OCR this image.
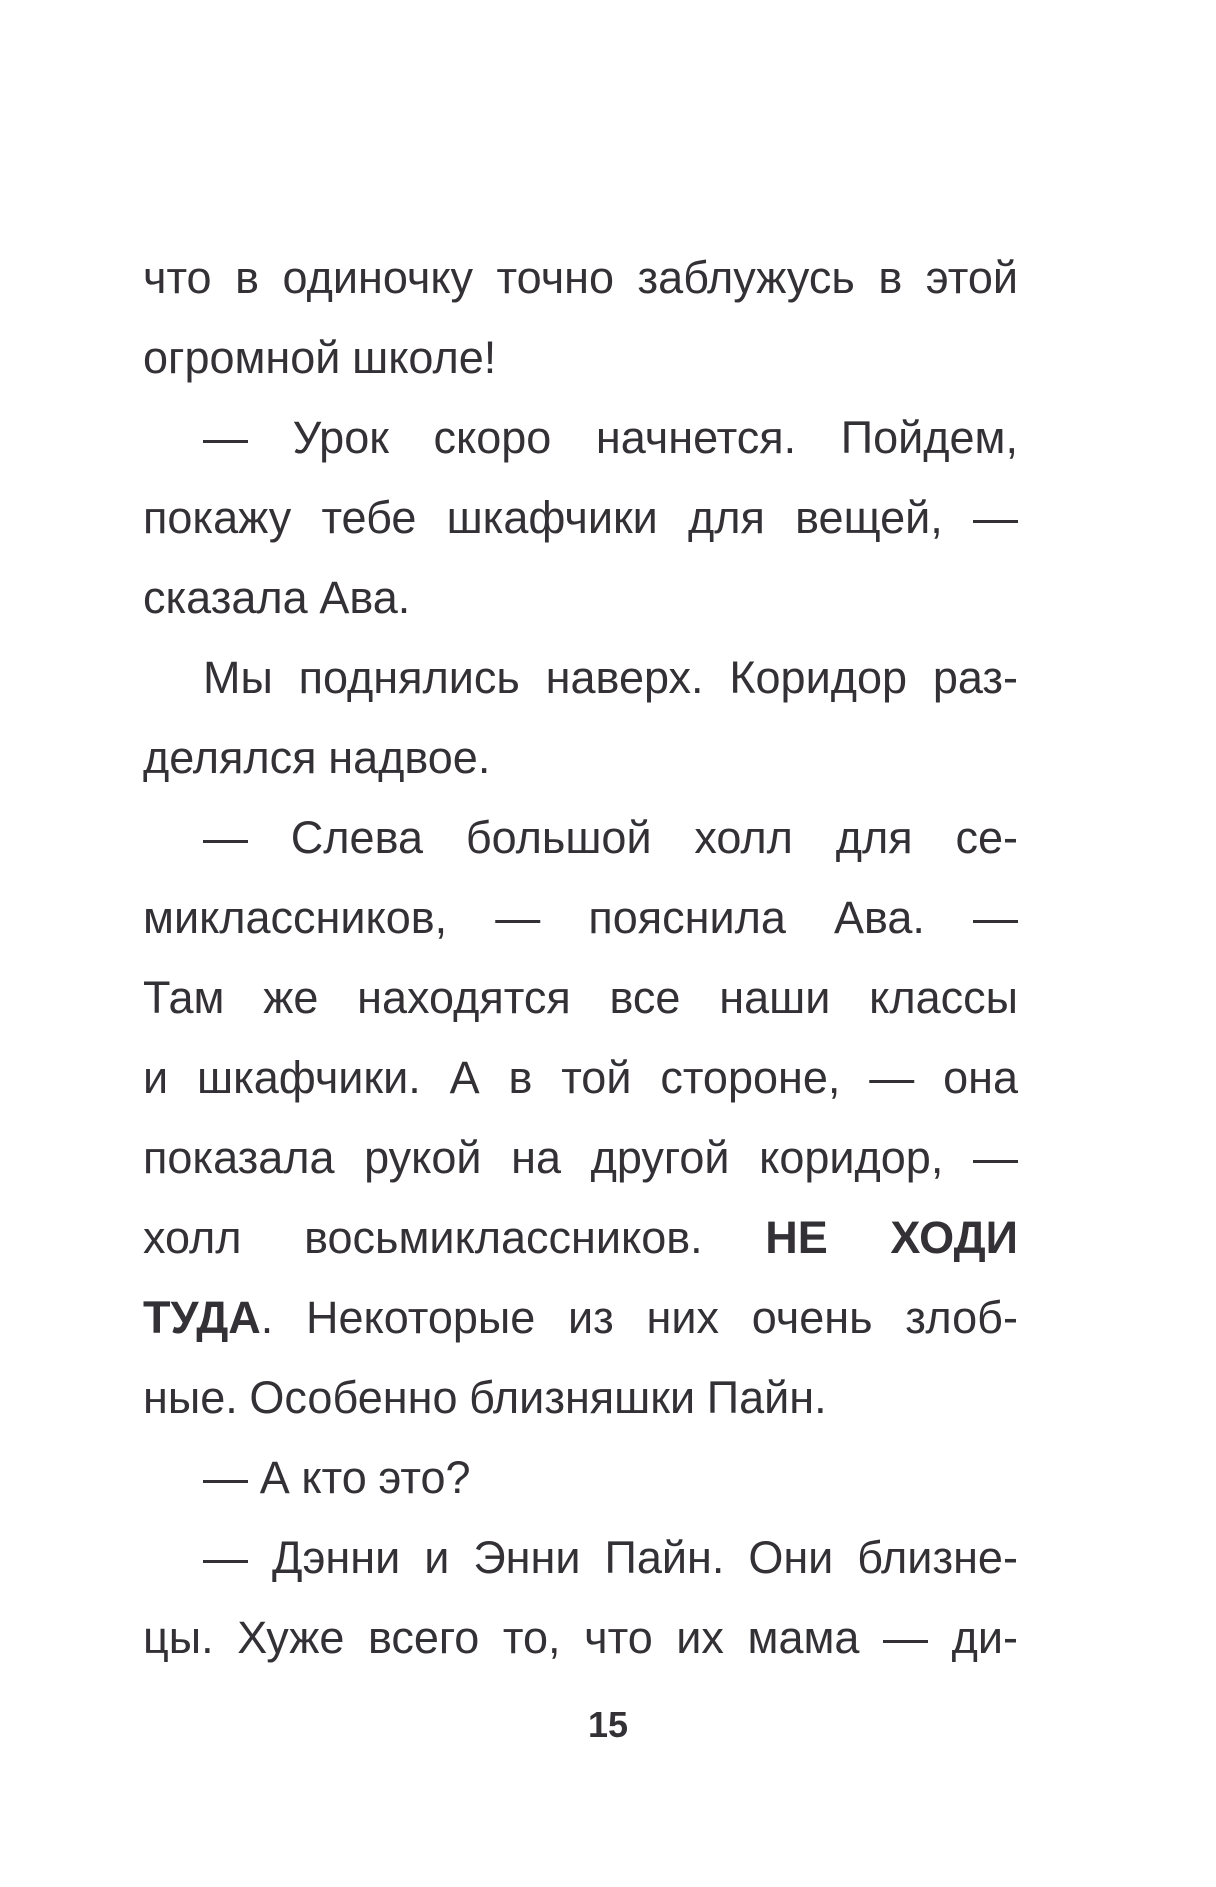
что в одиночку точно заблужусь в этой
огромной школе!
— Урок скоро начнется. Пойдем,
покажу тебе шкафчики для вещей, —
сказала Ава.
Мы поднялись наверх. Коридор раз-
делялся надвое.
— Слева большой холл для се-
миклассников, — пояснила Ава. —
Там же находятся все наши классы
и шкафчики. А в той стороне, — она
показала рукой на другой коридор, —
холл восьмиклассников. НЕ ХОДИ
ТУДА. Некоторые из них очень злоб-
ные. Особенно близняшки Пайн.
— А кто это?
— Дэнни и Энни Пайн. Они близне-
цы. Хуже всего то, что их мама — ди-
15
